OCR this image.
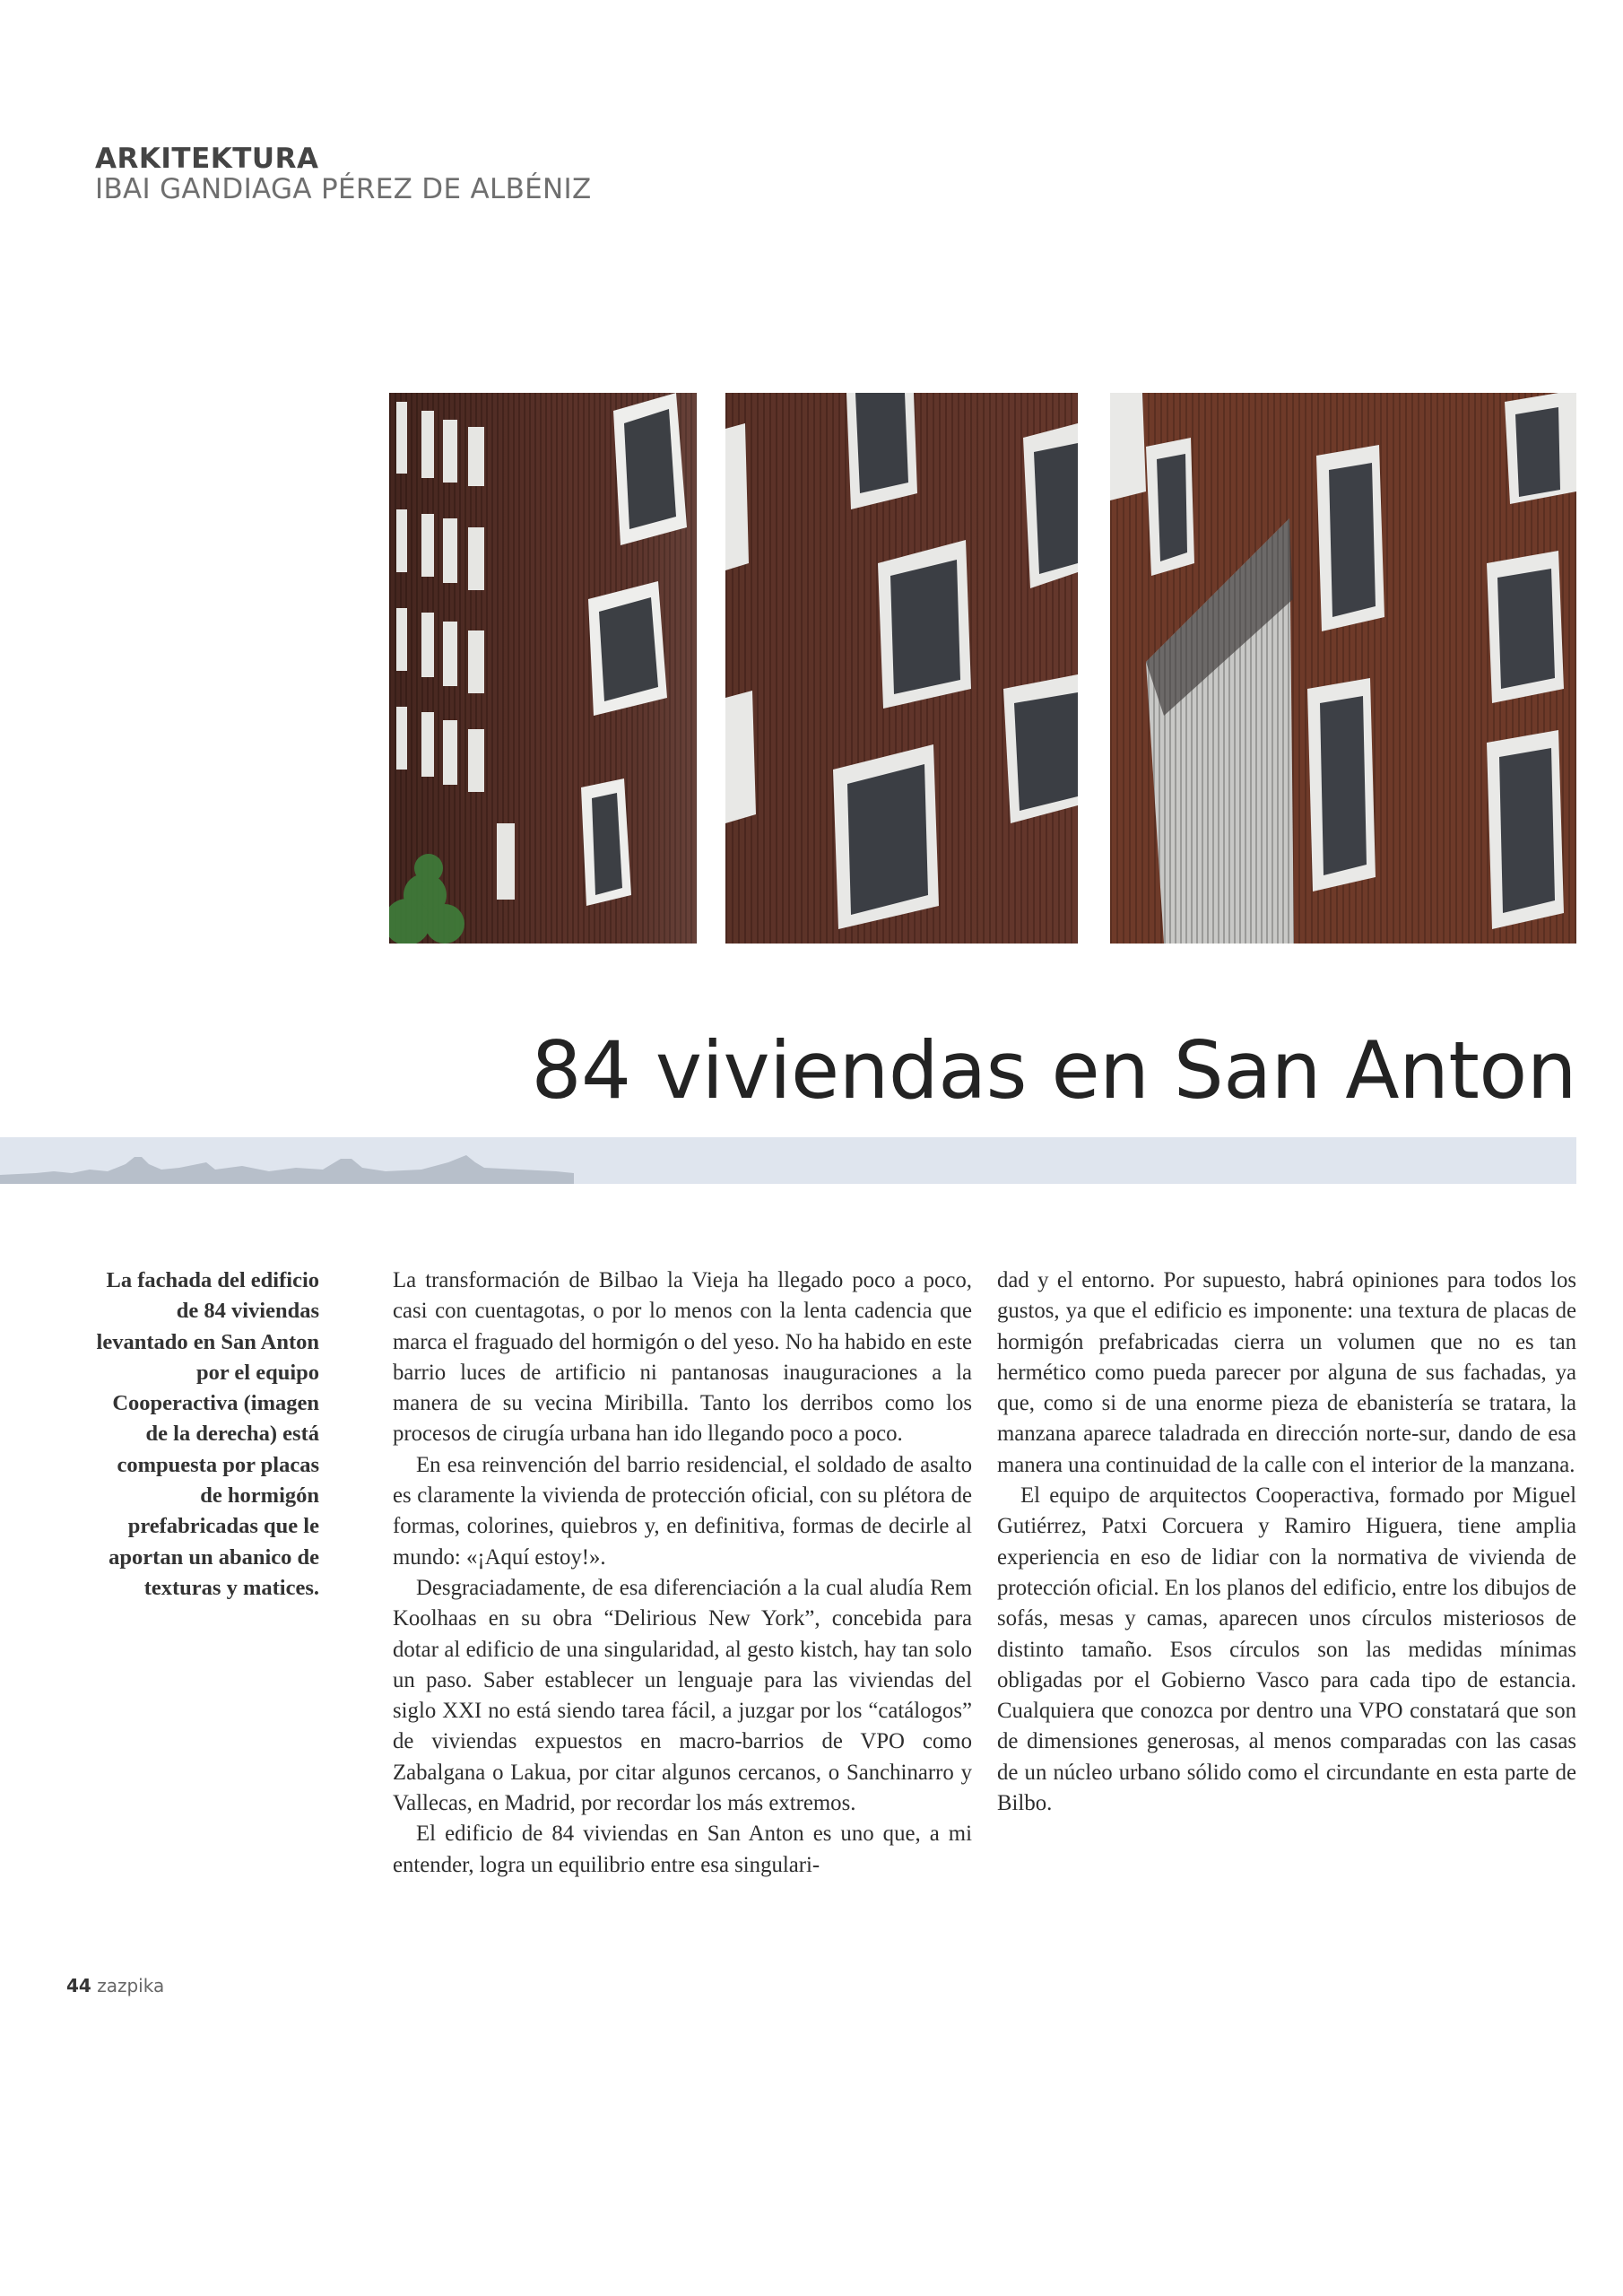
ARKITEKTURA
IBAI GANDIAGA PÉREZ DE ALBÉNIZ
84 viviendas en San Anton
La fachada del edificio de 84 viviendas levantado en San Anton por el equipo Cooperactiva (imagen de la derecha) está compuesta por placas de hormigón prefabricadas que le aportan un abanico de texturas y matices.

La transformación de Bilbao la Vieja ha llegado poco a poco, casi con cuentagotas, o por lo menos con la lenta cadencia que marca el fraguado del hormigón o del yeso. No ha habido en este barrio luces de artificio ni pantanosas inauguraciones a la manera de su vecina Miribilla. Tanto los derribos como los procesos de cirugía urbana han ido llegando poco a poco.

En esa reinvención del barrio residencial, el soldado de asalto es claramente la vivienda de protección oficial, con su plétora de formas, colorines, quiebros y, en definitiva, formas de decirle al mundo: «¡Aquí estoy!».

Desgraciadamente, de esa diferenciación a la cual aludía Rem Koolhaas en su obra “Delirious New York”, concebida para dotar al edificio de una singularidad, al gesto kistch, hay tan solo un paso. Saber establecer un lenguaje para las viviendas del siglo XXI no está siendo tarea fácil, a juzgar por los “catálogos” de viviendas expuestos en macro-barrios de VPO como Zabalgana o Lakua, por citar algunos cercanos, o Sanchinarro y Vallecas, en Madrid, por recordar los más extremos.

El edificio de 84 viviendas en San Anton es uno que, a mi entender, logra un equilibrio entre esa singulari-

dad y el entorno. Por supuesto, habrá opiniones para todos los gustos, ya que el edificio es imponente: una textura de placas de hormigón prefabricadas cierra un volumen que no es tan hermético como pueda parecer por alguna de sus fachadas, ya que, como si de una enorme pieza de ebanistería se tratara, la manzana aparece taladrada en dirección norte-sur, dando de esa manera una continuidad de la calle con el interior de la manzana.

El equipo de arquitectos Cooperactiva, formado por Miguel Gutiérrez, Patxi Corcuera y Ramiro Higuera, tiene amplia experiencia en eso de lidiar con la normativa de vivienda de protección oficial. En los planos del edificio, entre los dibujos de sofás, mesas y camas, aparecen unos círculos misteriosos de distinto tamaño. Esos círculos son las medidas mínimas obligadas por el Gobierno Vasco para cada tipo de estancia. Cualquiera que conozca por dentro una VPO constatará que son de dimensiones generosas, al menos comparadas con las casas de un núcleo urbano sólido como el circundante en esta parte de Bilbo.

44 zazpika
